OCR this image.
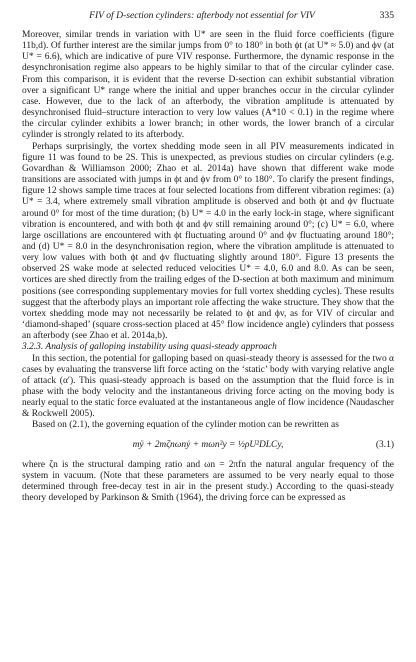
FIV of D-section cylinders: afterbody not essential for VIV	335

Moreover, similar trends in variation with U* are seen in the fluid force coefficients (figure 11b,d). Of further interest are the similar jumps from 0° to 180° in both ϕt (at U* ≈ 5.0) and ϕv (at U* = 6.6), which are indicative of pure VIV response. Furthermore, the dynamic response in the desynchronisation regime also appears to be highly similar to that of the circular cylinder case. From this comparison, it is evident that the reverse D-section can exhibit substantial vibration over a significant U* range where the initial and upper branches occur in the circular cylinder case. However, due to the lack of an afterbody, the vibration amplitude is attenuated by desynchronised fluid–structure interaction to very low values (A*10 < 0.1) in the regime where the circular cylinder exhibits a lower branch; in other words, the lower branch of a circular cylinder is strongly related to its afterbody.

Perhaps surprisingly, the vortex shedding mode seen in all PIV measurements indicated in figure 11 was found to be 2S. This is unexpected, as previous studies on circular cylinders (e.g. Govardhan & Williamson 2000; Zhao et al. 2014a) have shown that different wake mode transitions are associated with jumps in ϕt and ϕv from 0° to 180°. To clarify the present findings, figure 12 shows sample time traces at four selected locations from different vibration regimes: (a) U* = 3.4, where extremely small vibration amplitude is observed and both ϕt and ϕv fluctuate around 0° for most of the time duration; (b) U* = 4.0 in the early lock-in stage, where significant vibration is encountered, and with both ϕt and ϕv still remaining around 0°; (c) U* = 6.0, where large oscillations are encountered with ϕt fluctuating around 0° and ϕv fluctuating around 180°; and (d) U* = 8.0 in the desynchronisation region, where the vibration amplitude is attenuated to very low values with both ϕt and ϕv fluctuating slightly around 180°. Figure 13 presents the observed 2S wake mode at selected reduced velocities U* = 4.0, 6.0 and 8.0. As can be seen, vortices are shed directly from the trailing edges of the D-section at both maximum and minimum positions (see corresponding supplementary movies for full vortex shedding cycles). These results suggest that the afterbody plays an important role affecting the wake structure. They show that the vortex shedding mode may not necessarily be related to ϕt and ϕv, as for VIV of circular and ‘diamond-shaped’ (square cross-section placed at 45° flow incidence angle) cylinders that possess an afterbody (see Zhao et al. 2014a,b).

3.2.3. Analysis of galloping instability using quasi-steady approach

In this section, the potential for galloping based on quasi-steady theory is assessed for the two α cases by evaluating the transverse lift force acting on the ‘static’ body with varying relative angle of attack (α′). This quasi-steady approach is based on the assumption that the fluid force is in phase with the body velocity and the instantaneous driving force acting on the moving body is nearly equal to the static force evaluated at the instantaneous angle of flow incidence (Naudascher & Rockwell 2005).

Based on (2.1), the governing equation of the cylinder motion can be rewritten as

mÿ + 2mζnωnẏ + mωn²y = ½ρU²DLCy,	(3.1)

where ζn is the structural damping ratio and ωn = 2πfn the natural angular frequency of the system in vacuum. (Note that these parameters are assumed to be very nearly equal to those determined through free-decay test in air in the present study.) According to the quasi-steady theory developed by Parkinson & Smith (1964), the driving force can be expressed as
